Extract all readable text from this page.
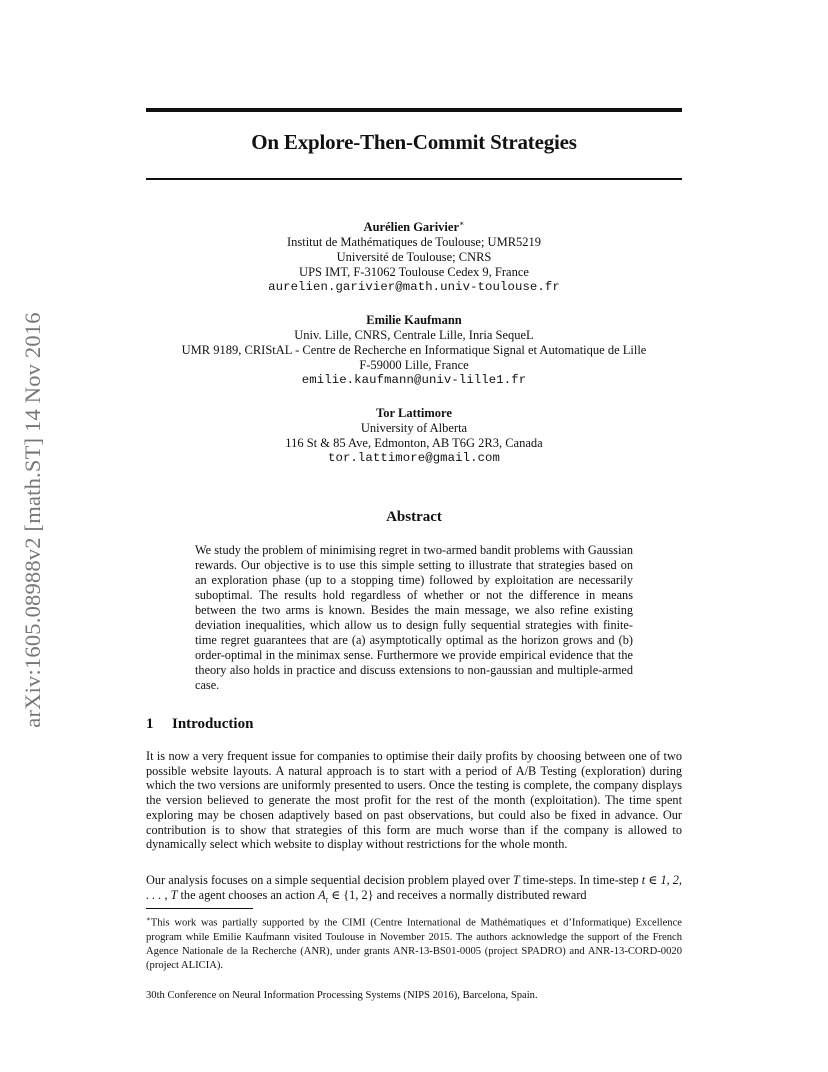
arXiv:1605.08988v2 [math.ST] 14 Nov 2016
On Explore-Then-Commit Strategies
Aurélien Garivier∗
Institut de Mathématiques de Toulouse; UMR5219
Université de Toulouse; CNRS
UPS IMT, F-31062 Toulouse Cedex 9, France
aurelien.garivier@math.univ-toulouse.fr
Emilie Kaufmann
Univ. Lille, CNRS, Centrale Lille, Inria SequeL
UMR 9189, CRIStAL - Centre de Recherche en Informatique Signal et Automatique de Lille
F-59000 Lille, France
emilie.kaufmann@univ-lille1.fr
Tor Lattimore
University of Alberta
116 St & 85 Ave, Edmonton, AB T6G 2R3, Canada
tor.lattimore@gmail.com
Abstract
We study the problem of minimising regret in two-armed bandit problems with Gaussian rewards. Our objective is to use this simple setting to illustrate that strategies based on an exploration phase (up to a stopping time) followed by exploitation are necessarily suboptimal. The results hold regardless of whether or not the difference in means between the two arms is known. Besides the main message, we also refine existing deviation inequalities, which allow us to design fully sequential strategies with finite-time regret guarantees that are (a) asymptotically optimal as the horizon grows and (b) order-optimal in the minimax sense. Furthermore we provide empirical evidence that the theory also holds in practice and discuss extensions to non-gaussian and multiple-armed case.
1 Introduction
It is now a very frequent issue for companies to optimise their daily profits by choosing between one of two possible website layouts. A natural approach is to start with a period of A/B Testing (exploration) during which the two versions are uniformly presented to users. Once the testing is complete, the company displays the version believed to generate the most profit for the rest of the month (exploitation). The time spent exploring may be chosen adaptively based on past observations, but could also be fixed in advance. Our contribution is to show that strategies of this form are much worse than if the company is allowed to dynamically select which website to display without restrictions for the whole month.
Our analysis focuses on a simple sequential decision problem played over T time-steps. In time-step t ∈ 1, 2, . . . , T the agent chooses an action $A_t$ ∈ {1, 2} and receives a normally distributed reward
∗This work was partially supported by the CIMI (Centre International de Mathématiques et d’Informatique) Excellence program while Emilie Kaufmann visited Toulouse in November 2015. The authors acknowledge the support of the French Agence Nationale de la Recherche (ANR), under grants ANR-13-BS01-0005 (project SPADRO) and ANR-13-CORD-0020 (project ALICIA).
30th Conference on Neural Information Processing Systems (NIPS 2016), Barcelona, Spain.
